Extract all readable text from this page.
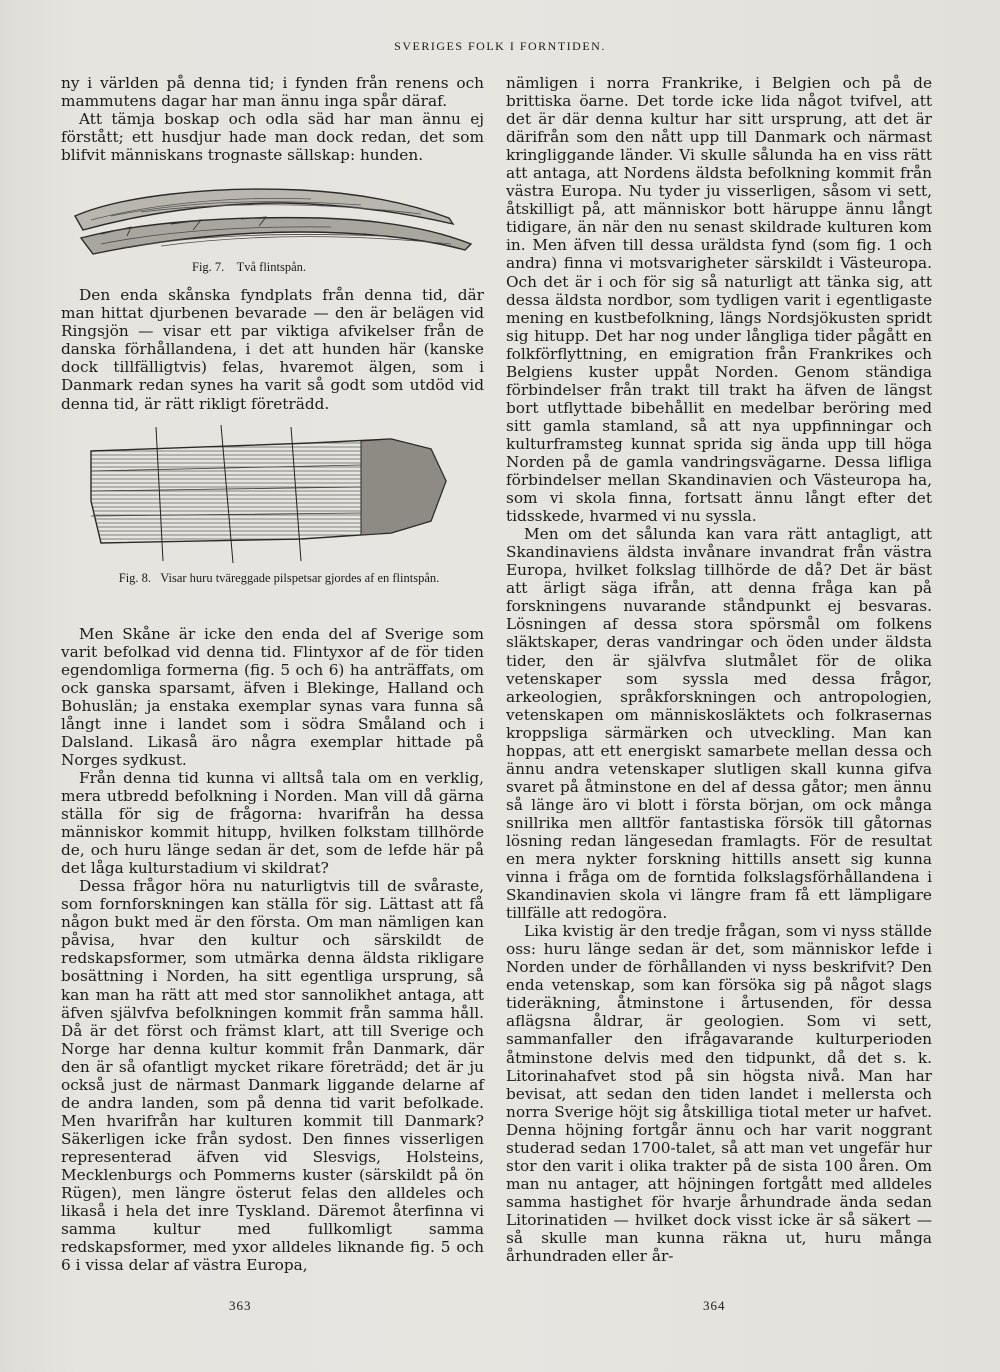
SVERIGES FOLK I FORNTIDEN.

ny i världen på denna tid; i fynden från renens och mammutens dagar har man ännu inga spår däraf.

Att tämja boskap och odla säd har man ännu ej förstått; ett husdjur hade man dock redan, det som blifvit människans trognaste sällskap: hunden.

Fig. 7. Två flintspån.

Den enda skånska fyndplats från denna tid, där man hittat djurbenen bevarade — den är belägen vid Ringsjön — visar ett par viktiga afvikelser från de danska förhållandena, i det att hunden här (kanske dock tillfälligtvis) felas, hvaremot älgen, som i Danmark redan synes ha varit så godt som utdöd vid denna tid, är rätt rikligt företrädd.

Fig. 8. Visar huru tväreggade pilspetsar gjordes af en flintspån.

Men Skåne är icke den enda del af Sverige som varit befolkad vid denna tid. Flintyxor af de för tiden egendomliga formerna (fig. 5 och 6) ha anträffats, om ock ganska sparsamt, äfven i Blekinge, Halland och Bohuslän; ja enstaka exemplar synas vara funna så långt inne i landet som i södra Småland och i Dalsland. Likaså äro några exemplar hittade på Norges sydkust.

Från denna tid kunna vi alltså tala om en verklig, mera utbredd befolkning i Norden. Man vill då gärna ställa för sig de frågorna: hvarifrån ha dessa människor kommit hitupp, hvilken folkstam tillhörde de, och huru länge sedan är det, som de lefde här på det låga kulturstadium vi skildrat?

Dessa frågor höra nu naturligtvis till de svåraste, som fornforskningen kan ställa för sig. Lättast att få någon bukt med är den första. Om man nämligen kan påvisa, hvar den kultur och särskildt de redskapsformer, som utmärka denna äldsta rikligare bosättning i Norden, ha sitt egentliga ursprung, så kan man ha rätt att med stor sannolikhet antaga, att äfven självfva befolkningen kommit från samma håll. Då är det först och främst klart, att till Sverige och Norge har denna kultur kommit från Danmark, där den är så ofantligt mycket rikare företrädd; det är ju också just de närmast Danmark liggande delarne af de andra landen, som på denna tid varit befolkade. Men hvarifrån har kulturen kommit till Danmark? Säkerligen icke från sydost. Den finnes visserligen representerad äfven vid Slesvigs, Holsteins, Mecklenburgs och Pommerns kuster (särskildt på ön Rügen), men längre österut felas den alldeles och likaså i hela det inre Tyskland. Däremot återfinna vi samma kultur med fullkomligt samma redskapsformer, med yxor alldeles liknande fig. 5 och 6 i vissa delar af västra Europa,

nämligen i norra Frankrike, i Belgien och på de brittiska öarne. Det torde icke lida något tvifvel, att det är där denna kultur har sitt ursprung, att det är därifrån som den nått upp till Danmark och närmast kringliggande länder. Vi skulle sålunda ha en viss rätt att antaga, att Nordens äldsta befolkning kommit från västra Europa. Nu tyder ju visserligen, såsom vi sett, åtskilligt på, att människor bott häruppe ännu långt tidigare, än när den nu senast skildrade kulturen kom in. Men äfven till dessa uräldsta fynd (som fig. 1 och andra) finna vi motsvarigheter särskildt i Västeuropa. Och det är i och för sig så naturligt att tänka sig, att dessa äldsta nordbor, som tydligen varit i egentligaste mening en kustbefolkning, längs Nordsjökusten spridt sig hitupp. Det har nog under långliga tider pågått en folkförflyttning, en emigration från Frankrikes och Belgiens kuster uppåt Norden. Genom ständiga förbindelser från trakt till trakt ha äfven de längst bort utflyttade bibehållit en medelbar beröring med sitt gamla stamland, så att nya uppfinningar och kulturframsteg kunnat sprida sig ända upp till höga Norden på de gamla vandringsvägarne. Dessa lifliga förbindelser mellan Skandinavien och Västeuropa ha, som vi skola finna, fortsatt ännu långt efter det tidsskede, hvarmed vi nu syssla.

Men om det sålunda kan vara rätt antagligt, att Skandinaviens äldsta invånare invandrat från västra Europa, hvilket folkslag tillhörde de då? Det är bäst att ärligt säga ifrån, att denna fråga kan på forskningens nuvarande ståndpunkt ej besvaras. Lösningen af dessa stora spörsmål om folkens släktskaper, deras vandringar och öden under äldsta tider, den är självfva slutmålet för de olika vetenskaper som syssla med dessa frågor, arkeologien, språkforskningen och antropologien, vetenskapen om människosläktets och folkrasernas kroppsliga särmärken och utveckling. Man kan hoppas, att ett energiskt samarbete mellan dessa och ännu andra vetenskaper slutligen skall kunna gifva svaret på åtminstone en del af dessa gåtor; men ännu så länge äro vi blott i första början, om ock många snillrika men alltför fantastiska försök till gåtornas lösning redan längesedan framlagts. För de resultat en mera nykter forskning hittills ansett sig kunna vinna i fråga om de forntida folkslagsförhållandena i Skandinavien skola vi längre fram få ett lämpligare tillfälle att redogöra.

Lika kvistig är den tredje frågan, som vi nyss ställde oss: huru länge sedan är det, som människor lefde i Norden under de förhållanden vi nyss beskrifvit? Den enda vetenskap, som kan försöka sig på något slags tideräkning, åtminstone i årtusenden, för dessa aflägsna åldrar, är geologien. Som vi sett, sammanfaller den ifrågavarande kulturperioden åtminstone delvis med den tidpunkt, då det s. k. Litorinahafvet stod på sin högsta nivå. Man har bevisat, att sedan den tiden landet i mellersta och norra Sverige höjt sig åtskilliga tiotal meter ur hafvet. Denna höjning fortgår ännu och har varit noggrant studerad sedan 1700-talet, så att man vet ungefär hur stor den varit i olika trakter på de sista 100 åren. Om man nu antager, att höjningen fortgått med alldeles samma hastighet för hvarje århundrade ända sedan Litorinatiden — hvilket dock visst icke är så säkert — så skulle man kunna räkna ut, huru många århundraden eller år-

363	364
